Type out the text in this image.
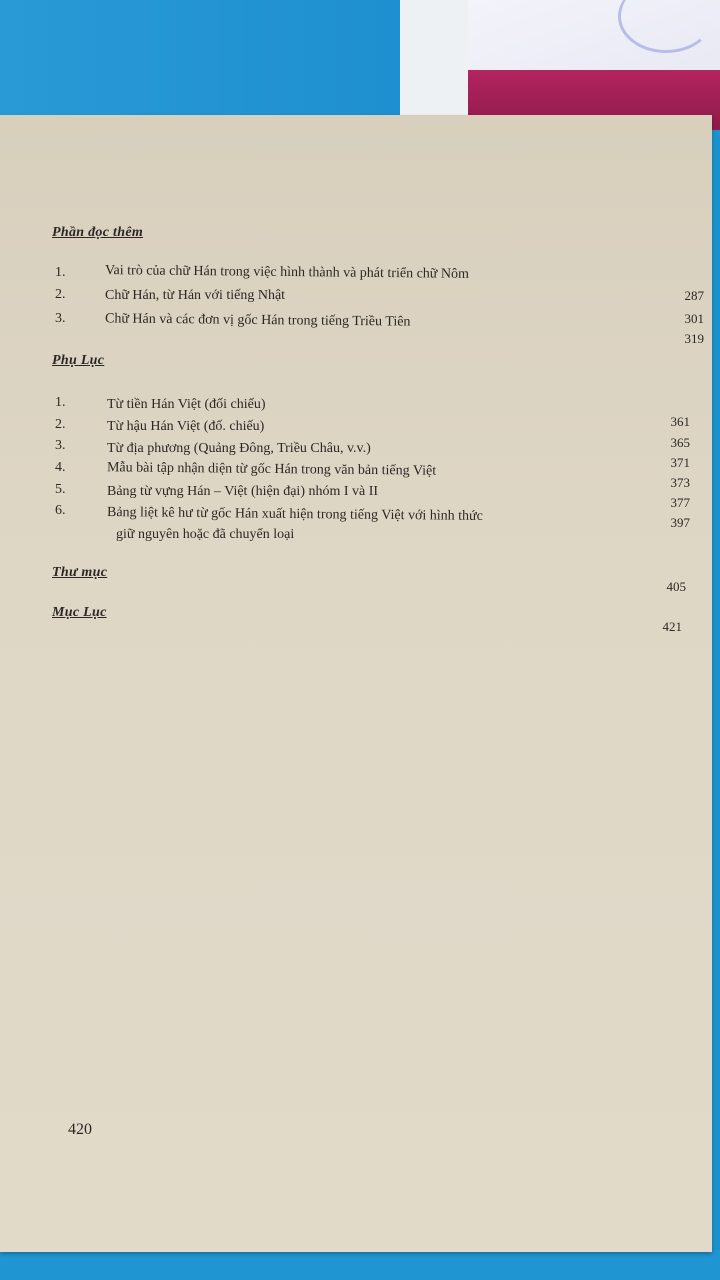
Phần đọc thêm
1.	Vai trò của chữ Hán trong việc hình thành và phát triển chữ Nôm
287
2.	Chữ Hán, từ Hán với tiếng Nhật
301
3.	Chữ Hán và các đơn vị gốc Hán trong tiếng Triều Tiên
319
Phụ Lục
1.	Từ tiền Hán Việt (đối chiếu)
361
2.	Từ hậu Hán Việt (đố. chiếu)
365
3.	Từ địa phương (Quảng Đông, Triều Châu, v.v.)
371
4.	Mẫu bài tập nhận diện từ gốc Hán trong văn bản tiếng Việt
373
5.	Bảng từ vựng Hán – Việt (hiện đại) nhóm I và II
377
6.	Bảng liệt kê hư từ gốc Hán xuất hiện trong tiếng Việt với hình thức
giữ nguyên hoặc đã chuyển loại
397
Thư mục
405
Mục Lục
421
420
